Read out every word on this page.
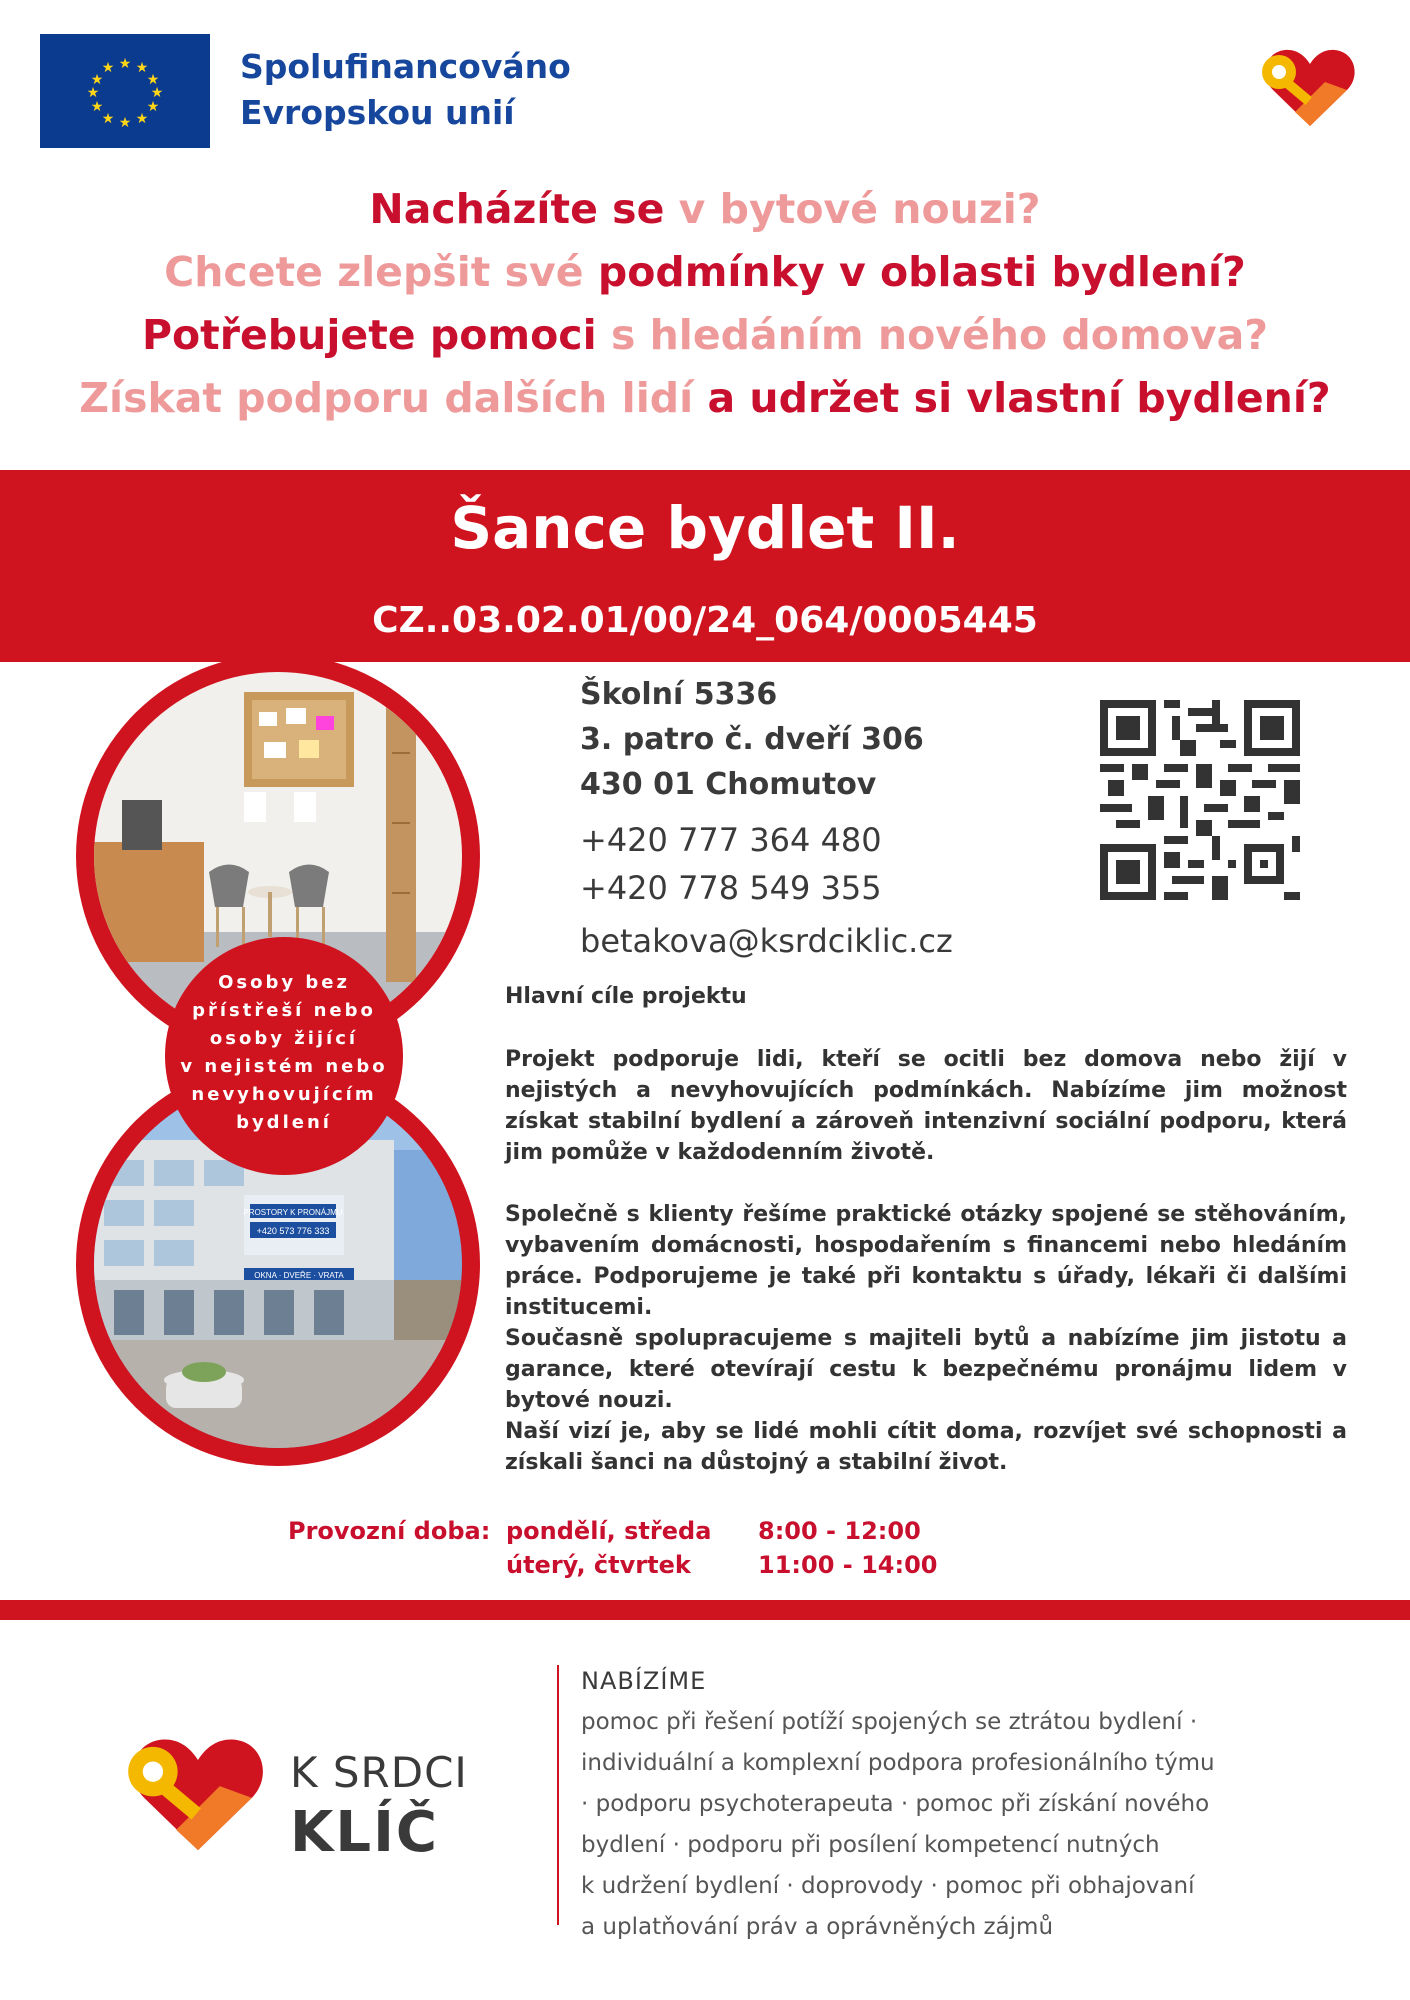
★ ★
★
★
★
★
★
★
★
★
★
★	Spolufinancováno
Evropskou unií
Nacházíte se v bytové nouzi?
Chcete zlepšit své podmínky v oblasti bydlení?
Potřebujete pomoci s hledáním nového domova?
Získat podporu dalších lidí a udržet si vlastní bydlení?
Šance bydlet II.
CZ..03.02.01/00/24_064/0005445
PROSTORY K PRONÁJMU
+420 573 776 333
OKNA · DVEŘE · VRATA
Osoby bez
přístřeší nebo
osoby žijící
v nejistém nebo
nevyhovujícím
bydlení
Školní 5336
3. patro č. dveří 306
430 01 Chomutov
+420 777 364 480
+420 778 549 355
betakova@ksrdciklic.cz
Hlavní cíle projektu

Projekt podporuje lidi, kteří se ocitli bez domova nebo žijí v nejistých a nevyhovujících podmínkách. Nabízíme jim možnost získat stabilní bydlení a zároveň intenzivní sociální podporu, která jim pomůže v každodenním životě.

Společně s klienty řešíme praktické otázky spojené se stěhováním, vybavením domácnosti, hospodařením s financemi nebo hledáním práce. Podporujeme je také při kontaktu s úřady, lékaři či dalšími institucemi.

Současně spolupracujeme s majiteli bytů a nabízíme jim jistotu a garance, které otevírají cestu k bezpečnému pronájmu lidem v bytové nouzi.

Naší vizí je, aby se lidé mohli cítit doma, rozvíjet své schopnosti a získali šanci na důstojný a stabilní život.

Provozní doba: pondělí, středa 8:00 - 12:00
úterý, čtvrtek	11:00 - 14:00
K SRDCI
KLÍČ
NABÍZÍME
pomoc při řešení potíží spojených se ztrátou bydlení ·
individuální a komplexní podpora profesionálního týmu
· podporu psychoterapeuta · pomoc při získání nového
bydlení · podporu při posílení kompetencí nutných
k udržení bydlení · doprovody · pomoc při obhajovaní
a uplatňování práv a oprávněných zájmů
